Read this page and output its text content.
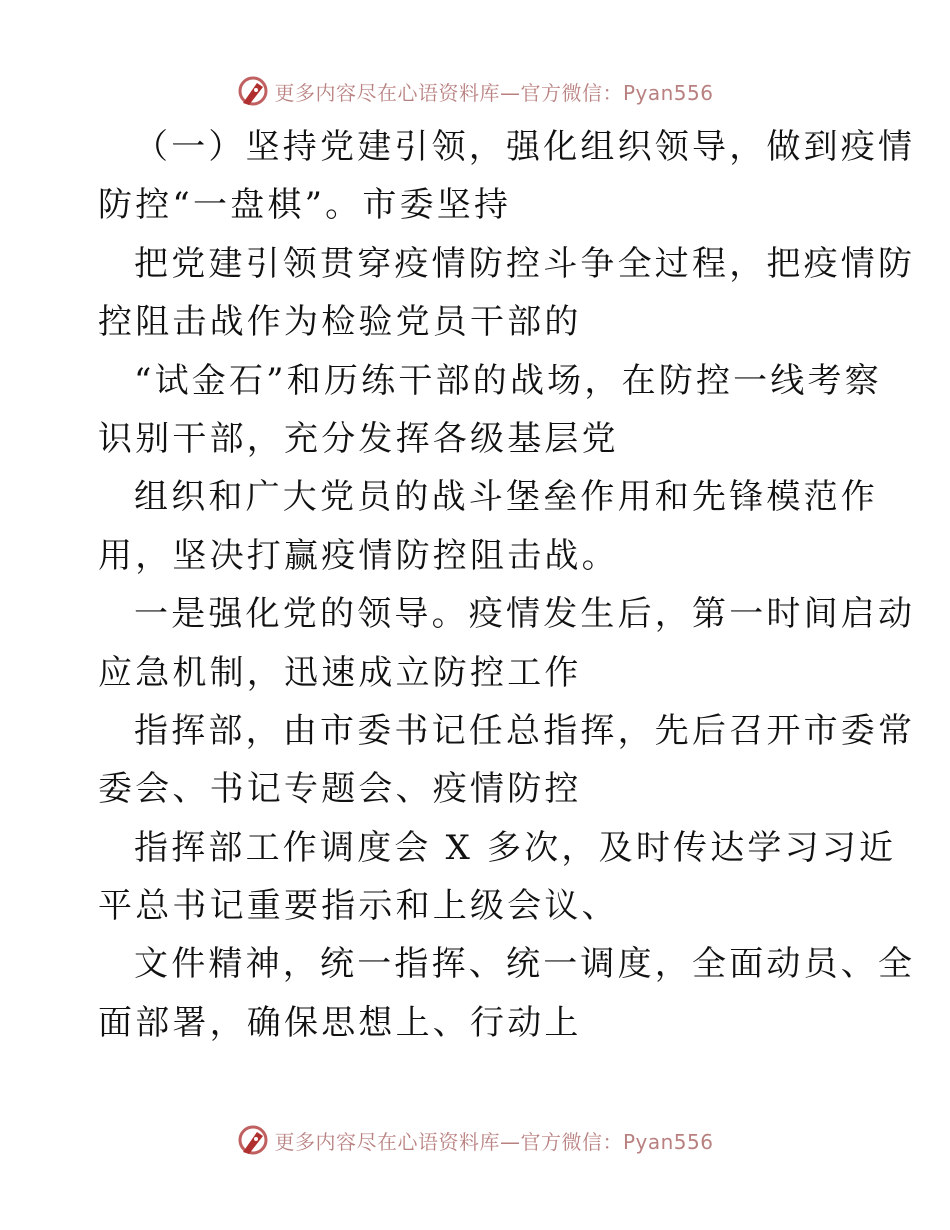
更多内容尽在心语资料库—官方微信：Pyan556
（一）坚持党建引领，强化组织领导，做到疫情
防控“一盘棋”。市委坚持
把党建引领贯穿疫情防控斗争全过程，把疫情防
控阻击战作为检验党员干部的
“试金石”和历练干部的战场，在防控一线考察
识别干部，充分发挥各级基层党
组织和广大党员的战斗堡垒作用和先锋模范作
用，坚决打赢疫情防控阻击战。
一是强化党的领导。疫情发生后，第一时间启动
应急机制，迅速成立防控工作
指挥部，由市委书记任总指挥，先后召开市委常
委会、书记专题会、疫情防控
指挥部工作调度会 X 多次，及时传达学习习近
平总书记重要指示和上级会议、
文件精神，统一指挥、统一调度，全面动员、全
面部署，确保思想上、行动上
更多内容尽在心语资料库—官方微信：Pyan556
